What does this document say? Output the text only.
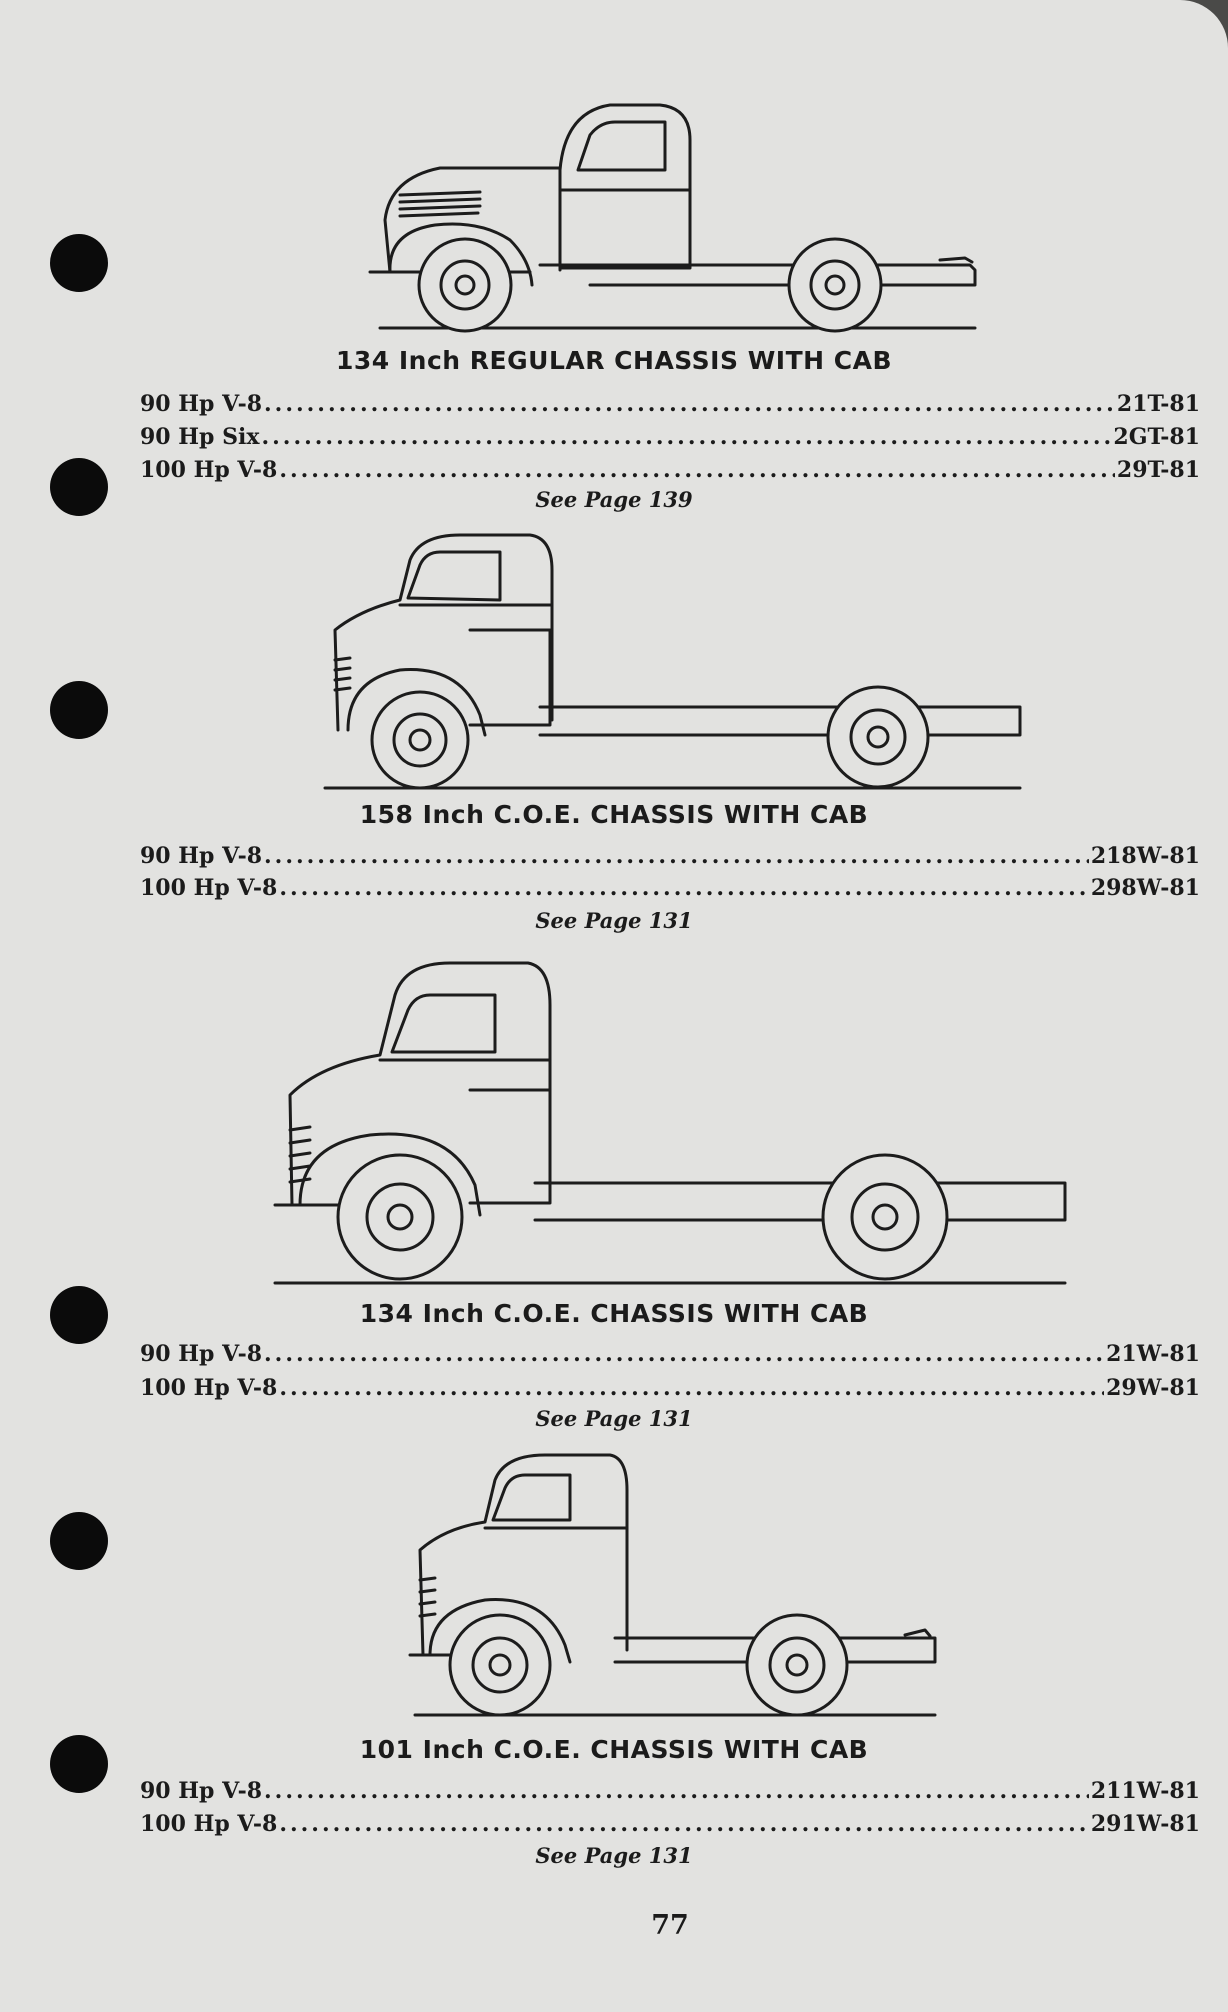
134 Inch REGULAR CHASSIS WITH CAB
90 Hp V-8 .....	21T-81
90 Hp Six .....	2GT-81
100 Hp V-8 .....	29T-81
See Page 139
158 Inch C.O.E. CHASSIS WITH CAB
90 Hp V-8 .....	218W-81
100 Hp V-8 .....	298W-81
See Page 131
134 Inch C.O.E. CHASSIS WITH CAB
90 Hp V-8 .....	21W-81
100 Hp V-8 .....	29W-81
See Page 131
101 Inch C.O.E. CHASSIS WITH CAB
90 Hp V-8 .....	211W-81
100 Hp V-8 .....	291W-81
See Page 131
77
